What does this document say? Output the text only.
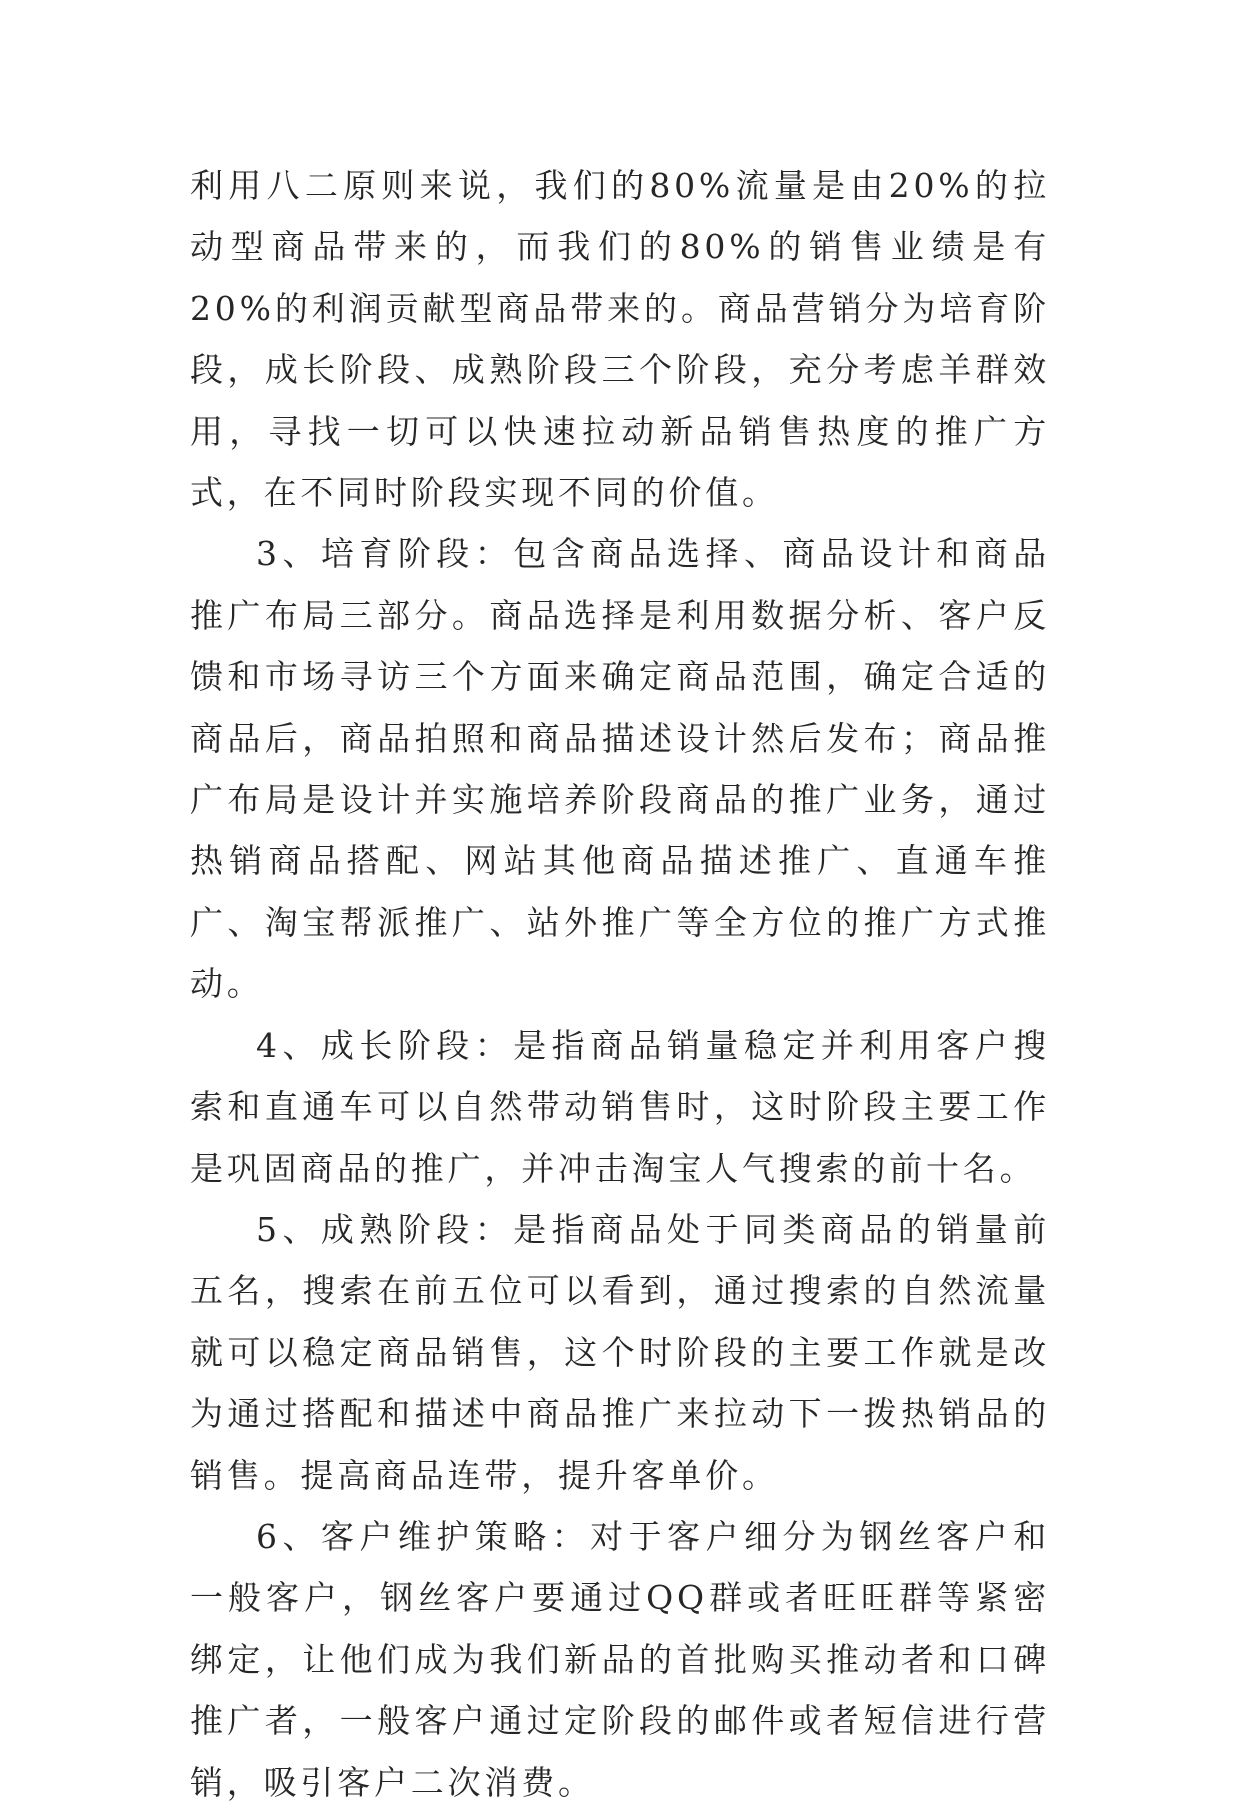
利用八二原则来说，我们的80%流量是由20%的拉动型商品带来的，而我们的80%的销售业绩是有20%的利润贡献型商品带来的。商品营销分为培育阶段，成长阶段、成熟阶段三个阶段，充分考虑羊群效用，寻找一切可以快速拉动新品销售热度的推广方式，在不同时阶段实现不同的价值。

3、培育阶段：包含商品选择、商品设计和商品推广布局三部分。商品选择是利用数据分析、客户反馈和市场寻访三个方面来确定商品范围，确定合适的商品后，商品拍照和商品描述设计然后发布；商品推广布局是设计并实施培养阶段商品的推广业务，通过热销商品搭配、网站其他商品描述推广、直通车推广、淘宝帮派推广、站外推广等全方位的推广方式推动。

4、成长阶段：是指商品销量稳定并利用客户搜索和直通车可以自然带动销售时，这时阶段主要工作是巩固商品的推广，并冲击淘宝人气搜索的前十名。

5、成熟阶段：是指商品处于同类商品的销量前五名，搜索在前五位可以看到，通过搜索的自然流量就可以稳定商品销售，这个时阶段的主要工作就是改为通过搭配和描述中商品推广来拉动下一拨热销品的销售。提高商品连带，提升客单价。

6、客户维护策略：对于客户细分为钢丝客户和一般客户，钢丝客户要通过QQ群或者旺旺群等紧密绑定，让他们成为我们新品的首批购买推动者和口碑推广者，一般客户通过定阶段的邮件或者短信进行营销，吸引客户二次消费。
